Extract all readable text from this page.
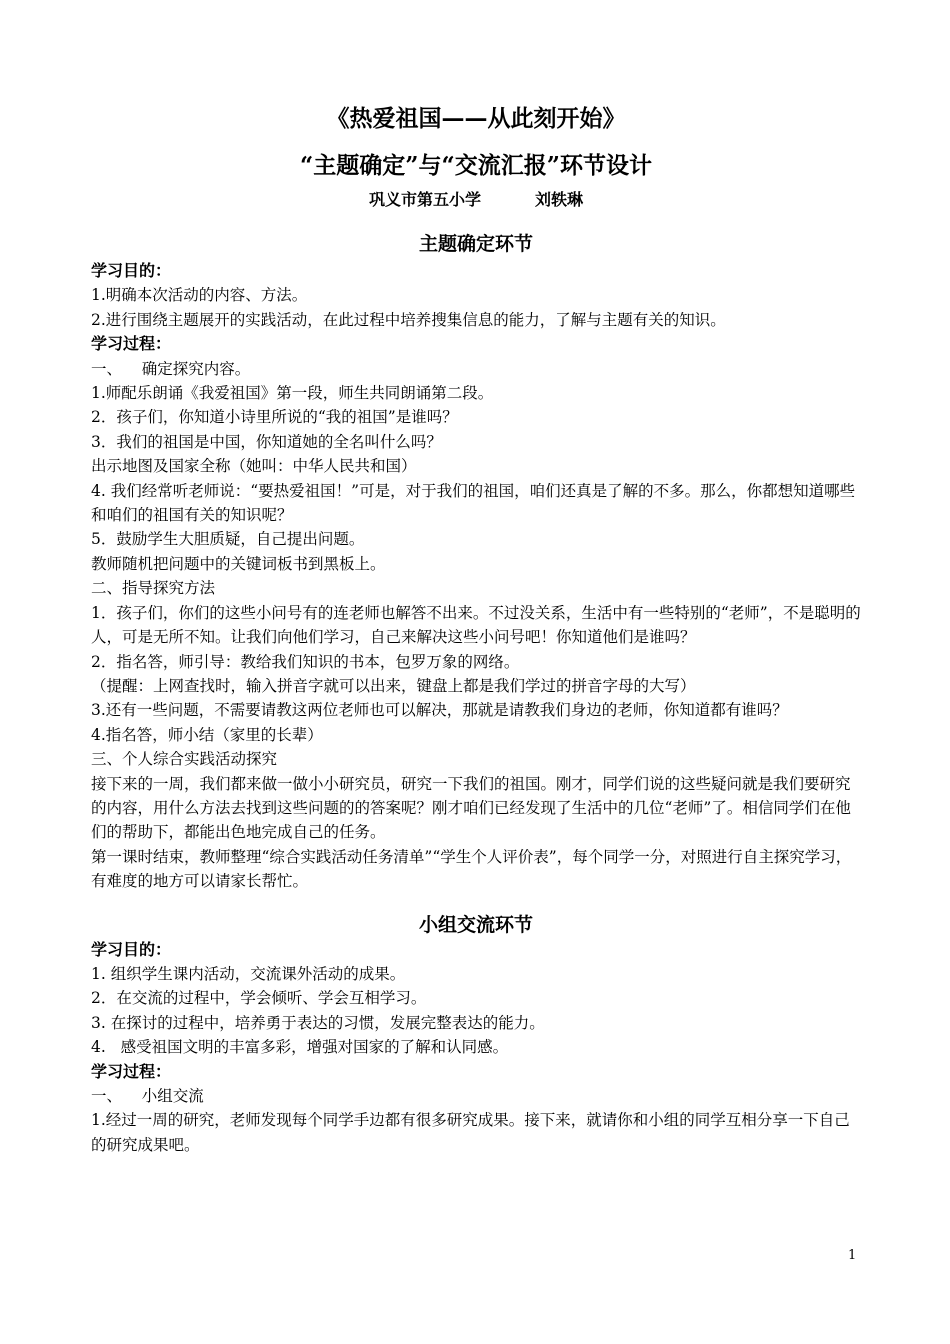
《热爱祖国——从此刻开始》
“主题确定”与“交流汇报”环节设计
巩义市第五小学	刘轶琳
主题确定环节

学习目的：

1.明确本次活动的内容、方法。

2.进行围绕主题展开的实践活动，在此过程中培养搜集信息的能力，了解与主题有关的知识。

学习过程：

一、    确定探究内容。

1.师配乐朗诵《我爱祖国》第一段，师生共同朗诵第二段。

2．孩子们，你知道小诗里所说的“我的祖国”是谁吗？

3．我们的祖国是中国，你知道她的全名叫什么吗？

出示地图及国家全称（她叫：中华人民共和国）

4. 我们经常听老师说：“要热爱祖国！”可是，对于我们的祖国，咱们还真是了解的不多。那么，你都想知道哪些和咱们的祖国有关的知识呢？

5．鼓励学生大胆质疑，自己提出问题。

教师随机把问题中的关键词板书到黑板上。

二、指导探究方法

1．孩子们，你们的这些小问号有的连老师也解答不出来。不过没关系，生活中有一些特别的“老师”，不是聪明的人，可是无所不知。让我们向他们学习，自己来解决这些小问号吧！你知道他们是谁吗？

2．指名答，师引导：教给我们知识的书本，包罗万象的网络。

（提醒：上网查找时，输入拼音字就可以出来，键盘上都是我们学过的拼音字母的大写）

3.还有一些问题，不需要请教这两位老师也可以解决，那就是请教我们身边的老师，你知道都有谁吗？

4.指名答，师小结（家里的长辈）

三、个人综合实践活动探究

接下来的一周，我们都来做一做小小研究员，研究一下我们的祖国。刚才，同学们说的这些疑问就是我们要研究的内容，用什么方法去找到这些问题的的答案呢？刚才咱们已经发现了生活中的几位“老师”了。相信同学们在他们的帮助下，都能出色地完成自己的任务。

第一课时结束，教师整理“综合实践活动任务清单”“学生个人评价表”，每个同学一分，对照进行自主探究学习，有难度的地方可以请家长帮忙。

小组交流环节

学习目的：

1. 组织学生课内活动，交流课外活动的成果。

2．在交流的过程中，学会倾听、学会互相学习。

3. 在探讨的过程中，培养勇于表达的习惯，发展完整表达的能力。

4.   感受祖国文明的丰富多彩，增强对国家的了解和认同感。

学习过程：

一、    小组交流

1.经过一周的研究，老师发现每个同学手边都有很多研究成果。接下来，就请你和小组的同学互相分享一下自己的研究成果吧。

1
